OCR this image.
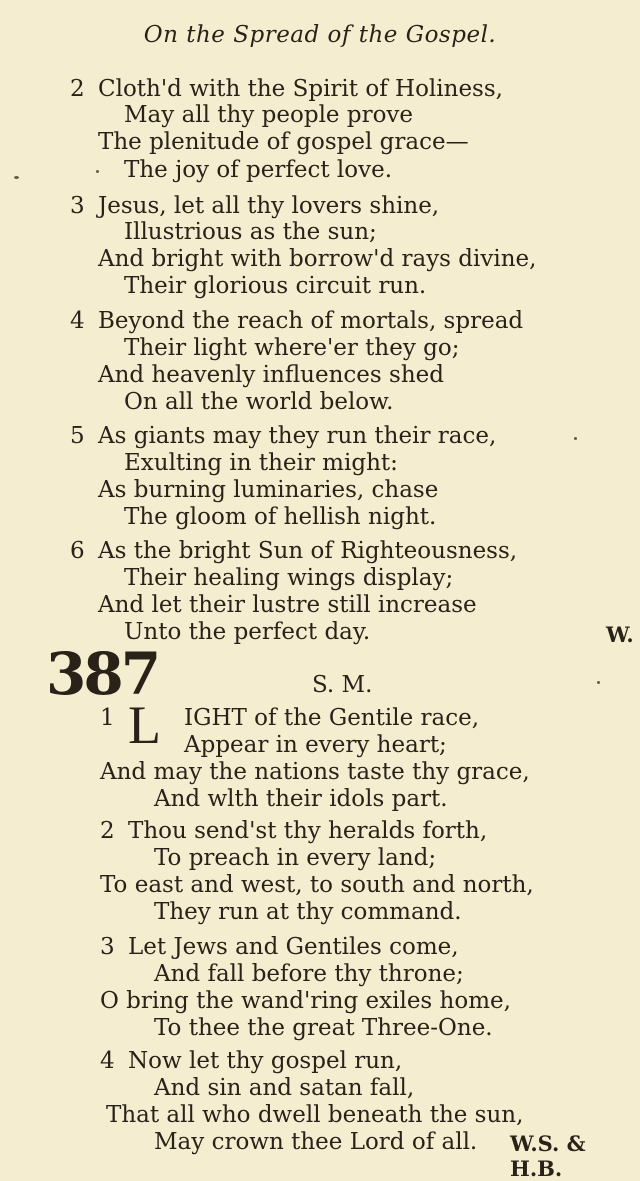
On the Spread of the Gospel.
2 Cloth'd with the Spirit of Holiness,
May all thy people prove
The plenitude of gospel grace—
The joy of perfect love.
3 Jesus, let all thy lovers shine,
Illustrious as the sun;
And bright with borrow'd rays divine,
Their glorious circuit run.
4 Beyond the reach of mortals, spread
Their light where'er they go;
And heavenly influences shed
On all the world below.
5 As giants may they run their race,
Exulting in their might:
As burning luminaries, chase
The gloom of hellish night.
6 As the bright Sun of Righteousness,
Their healing wings display;
And let their lustre still increase
Unto the perfect day.	W.
387	S. M.
1 L IGHT of the Gentile race,
Appear in every heart;
And may the nations taste thy grace,
And wlth their idols part.
2 Thou send'st thy heralds forth,
To preach in every land;
To east and west, to south and north,
They run at thy command.
3 Let Jews and Gentiles come,
And fall before thy throne;
O bring the wand'ring exiles home,
To thee the great Three-One.
4 Now let thy gospel run,
And sin and satan fall,
That all who dwell beneath the sun,
May crown thee Lord of all. W.S. & H.B.
